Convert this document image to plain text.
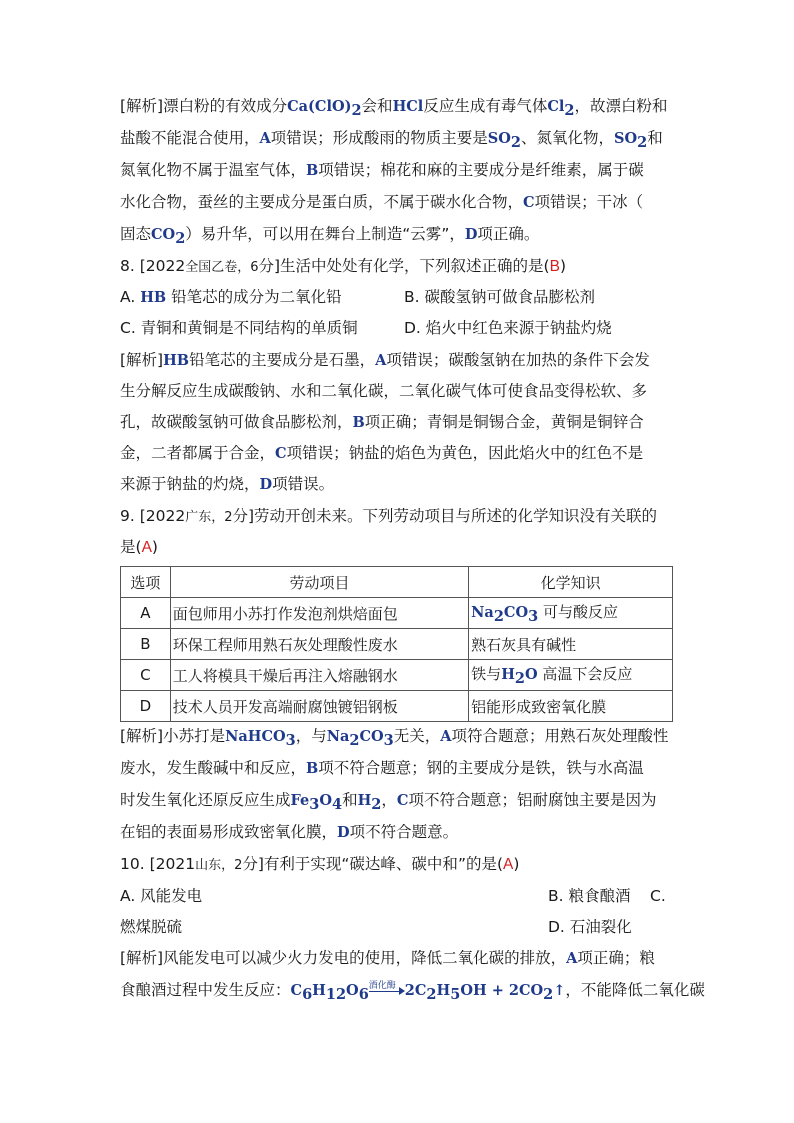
[解析]漂白粉的有效成分$Ca(ClO)_2$会和HCl反应生成有毒气体$Cl_2$，故漂白粉和
盐酸不能混合使用，A项错误；形成酸雨的物质主要是$SO_2$、氮氧化物，$SO_2$和
氮氧化物不属于温室气体，B项错误；棉花和麻的主要成分是纤维素，属于碳
水化合物，蚕丝的主要成分是蛋白质，不属于碳水化合物，C项错误；干冰（
固态$CO_2$）易升华，可以用在舞台上制造“云雾”，D项正确。
8. [2022全国乙卷，6分]生活中处处有化学，下列叙述正确的是(B)
A. HB 铅笔芯的成分为二氧化铅	B. 碳酸氢钠可做食品膨松剂
C. 青铜和黄铜是不同结构的单质铜	D. 焰火中红色来源于钠盐灼烧
[解析]HB铅笔芯的主要成分是石墨，A项错误；碳酸氢钠在加热的条件下会发
生分解反应生成碳酸钠、水和二氧化碳，二氧化碳气体可使食品变得松软、多
孔，故碳酸氢钠可做食品膨松剂，B项正确；青铜是铜锡合金，黄铜是铜锌合
金，二者都属于合金，C项错误；钠盐的焰色为黄色，因此焰火中的红色不是
来源于钠盐的灼烧，D项错误。
9. [2022广东，2分]劳动开创未来。下列劳动项目与所述的化学知识没有关联的
是(A)
选项	劳动项目	化学知识
A	面包师用小苏打作发泡剂烘焙面包	$Na_2CO_3$ 可与酸反应
B	环保工程师用熟石灰处理酸性废水	熟石灰具有碱性
C	工人将模具干燥后再注入熔融钢水	铁与$H_2O$ 高温下会反应
D	技术人员开发高端耐腐蚀镀铝钢板	铝能形成致密氧化膜
[解析]小苏打是NaHCO$_3$，与$Na_2CO_3$无关，A项符合题意；用熟石灰处理酸性
废水，发生酸碱中和反应，B项不符合题意；钢的主要成分是铁，铁与水高温
时发生氧化还原反应生成$Fe_3O_4$和$H_2$，C项不符合题意；铝耐腐蚀主要是因为
在铝的表面易形成致密氧化膜，D项不符合题意。
10. [2021山东，2分]有利于实现“碳达峰、碳中和”的是(A)
A. 风能发电	B. 粮食酿酒 C.
燃煤脱硫	D. 石油裂化
[解析]风能发电可以减少火力发电的使用，降低二氧化碳的排放，A项正确；粮
食酿酒过程中发生反应：$C_6H_{12}O_6$
酒化酶 $2C_2H_5OH$ + $2CO_2↑$，不能降低二氧化碳
